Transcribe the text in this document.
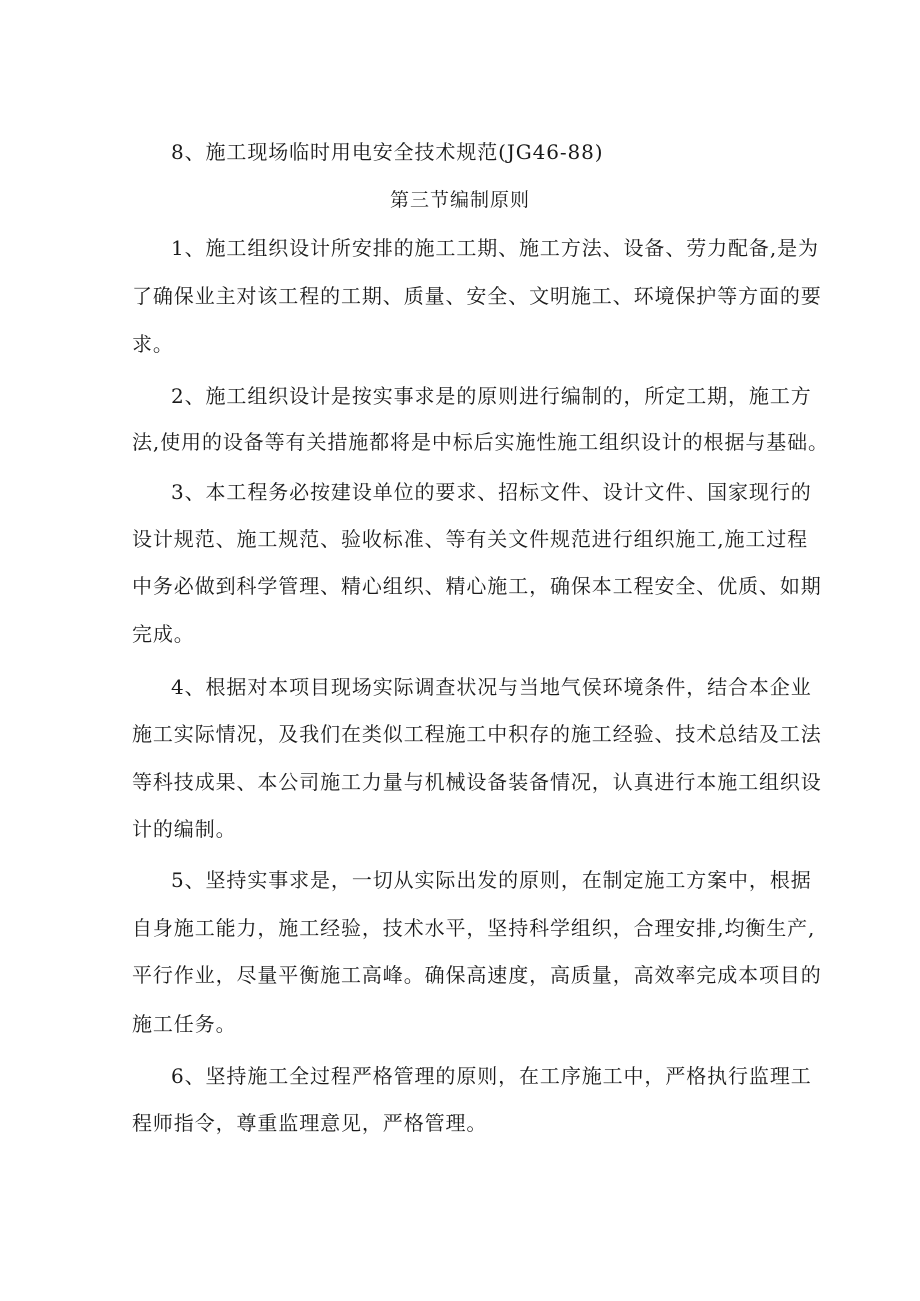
8、施工现场临时用电安全技术规范(JG46-88)
第三节编制原则
1、施工组织设计所安排的施工工期、施工方法、设备、劳力配备,是为
了确保业主对该工程的工期、质量、安全、文明施工、环境保护等方面的要
求。
2、施工组织设计是按实事求是的原则进行编制的，所定工期，施工方
法,使用的设备等有关措施都将是中标后实施性施工组织设计的根据与基础。
3、本工程务必按建设单位的要求、招标文件、设计文件、国家现行的
设计规范、施工规范、验收标准、等有关文件规范进行组织施工,施工过程
中务必做到科学管理、精心组织、精心施工，确保本工程安全、优质、如期
完成。
4、根据对本项目现场实际调查状况与当地气侯环境条件，结合本企业
施工实际情况，及我们在类似工程施工中积存的施工经验、技术总结及工法
等科技成果、本公司施工力量与机械设备装备情况，认真进行本施工组织设
计的编制。
5、坚持实事求是，一切从实际出发的原则，在制定施工方案中，根据
自身施工能力，施工经验，技术水平，坚持科学组织，合理安排,均衡生产,
平行作业，尽量平衡施工高峰。确保高速度，高质量，高效率完成本项目的
施工任务。
6、坚持施工全过程严格管理的原则，在工序施工中，严格执行监理工
程师指令，尊重监理意见，严格管理。
